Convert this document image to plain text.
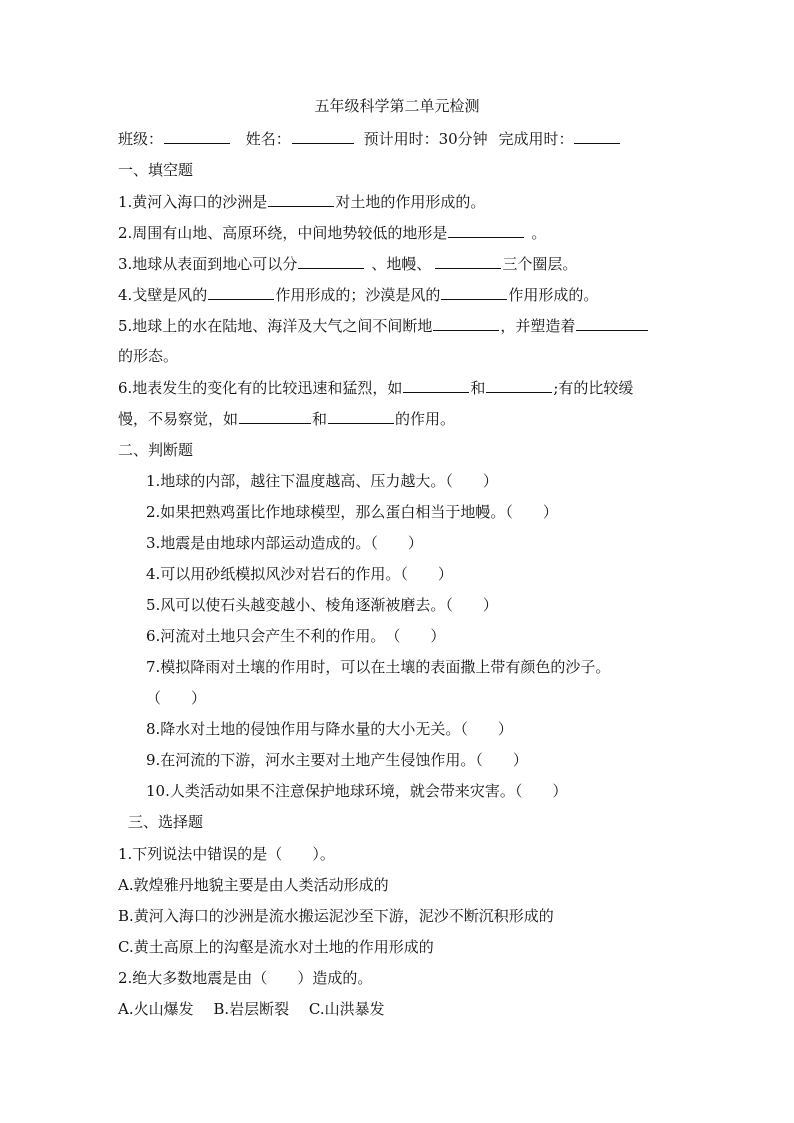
五年级科学第二单元检测
班级：	姓名：	预计用时：30分钟 完成用时：
一、填空题
1.黄河入海口的沙洲是	对土地的作用形成的。
2.周围有山地、高原环绕，中间地势较低的地形是	。
3.地球从表面到地心可以分	、地幔、	三个圈层。
4.戈壁是风的	作用形成的；沙漠是风的	作用形成的。
5.地球上的水在陆地、海洋及大气之间不间断地	，并塑造着
的形态。
6.地表发生的变化有的比较迅速和猛烈，如	和	;有的比较缓
慢，不易察觉，如	和	的作用。
二、判断题
1.地球的内部，越往下温度越高、压力越大。（　　）
2.如果把熟鸡蛋比作地球模型，那么蛋白相当于地幔。（　　）
3.地震是由地球内部运动造成的。（　　）
4.可以用砂纸模拟风沙对岩石的作用。（　　）
5.风可以使石头越变越小、棱角逐渐被磨去。（　　）
6.河流对土地只会产生不利的作用。　（　　）
7.模拟降雨对土壤的作用时，可以在土壤的表面撒上带有颜色的沙子。
（　　）
8.降水对土地的侵蚀作用与降水量的大小无关。（　　）
9.在河流的下游，河水主要对土地产生侵蚀作用。（　　）
10.人类活动如果不注意保护地球环境，就会带来灾害。（　　）
三、选择题
1.下列说法中错误的是（　　）。
A.敦煌雅丹地貌主要是由人类活动形成的
B.黄河入海口的沙洲是流水搬运泥沙至下游，泥沙不断沉积形成的
C.黄土高原上的沟壑是流水对土地的作用形成的
2.绝大多数地震是由（　　）造成的。
A.火山爆发　 B.岩层断裂　 C.山洪暴发
